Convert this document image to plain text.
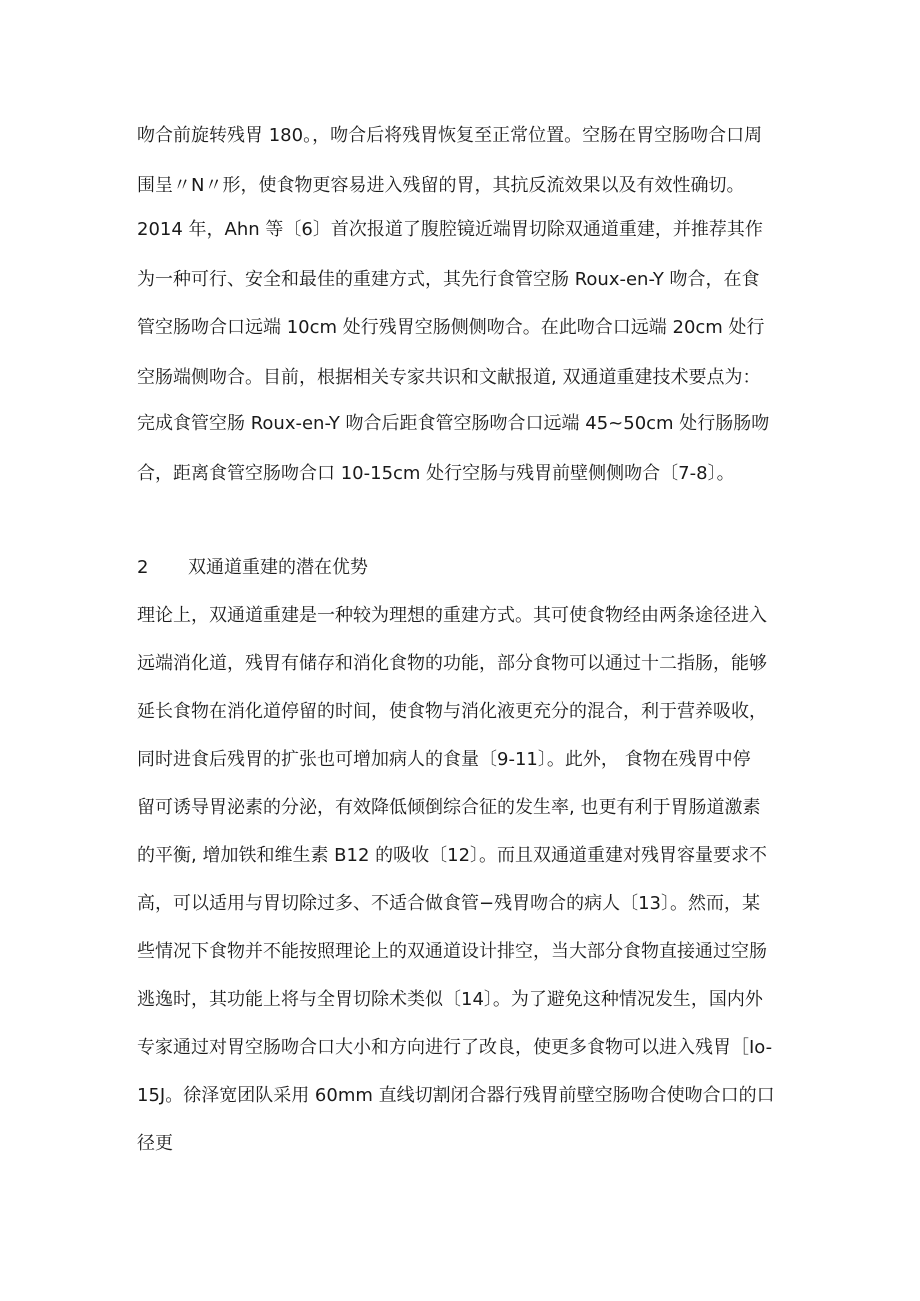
吻合前旋转残胃 180。，吻合后将残胃恢复至正常位置。空肠在胃空肠吻合口周
围呈〃N〃形，使食物更容易进入残留的胃，其抗反流效果以及有效性确切。
2014 年，Ahn 等〔6〕首次报道了腹腔镜近端胃切除双通道重建，并推荐其作
为一种可行、安全和最佳的重建方式，其先行食管空肠 Roux-en-Y 吻合，在食
管空肠吻合口远端 10cm 处行残胃空肠侧侧吻合。在此吻合口远端 20cm 处行
空肠端侧吻合。目前，根据相关专家共识和文献报道, 双通道重建技术要点为：
完成食管空肠 Roux-en-Y 吻合后距食管空肠吻合口远端 45~50cm 处行肠肠吻
合，距离食管空肠吻合口 10-15cm 处行空肠与残胃前壁侧侧吻合〔7-8〕。
2 双通道重建的潜在优势
理论上，双通道重建是一种较为理想的重建方式。其可使食物经由两条途径进入
远端消化道，残胃有储存和消化食物的功能，部分食物可以通过十二指肠，能够
延长食物在消化道停留的时间，使食物与消化液更充分的混合，利于营养吸收，
同时进食后残胃的扩张也可增加病人的食量〔9-11〕。此外， 食物在残胃中停
留可诱导胃泌素的分泌，有效降低倾倒综合征的发生率, 也更有利于胃肠道激素
的平衡, 增加铁和维生素 B12 的吸收〔12〕。而且双通道重建对残胃容量要求不
高，可以适用与胃切除过多、不适合做食管−残胃吻合的病人〔13〕。然而，某
些情况下食物并不能按照理论上的双通道设计排空，当大部分食物直接通过空肠
逃逸时，其功能上将与全胃切除术类似〔14〕。为了避免这种情况发生，国内外
专家通过对胃空肠吻合口大小和方向进行了改良，使更多食物可以进入残胃［Io-
15J。徐泽宽团队采用 60mm 直线切割闭合器行残胃前壁空肠吻合使吻合口的口
径更
